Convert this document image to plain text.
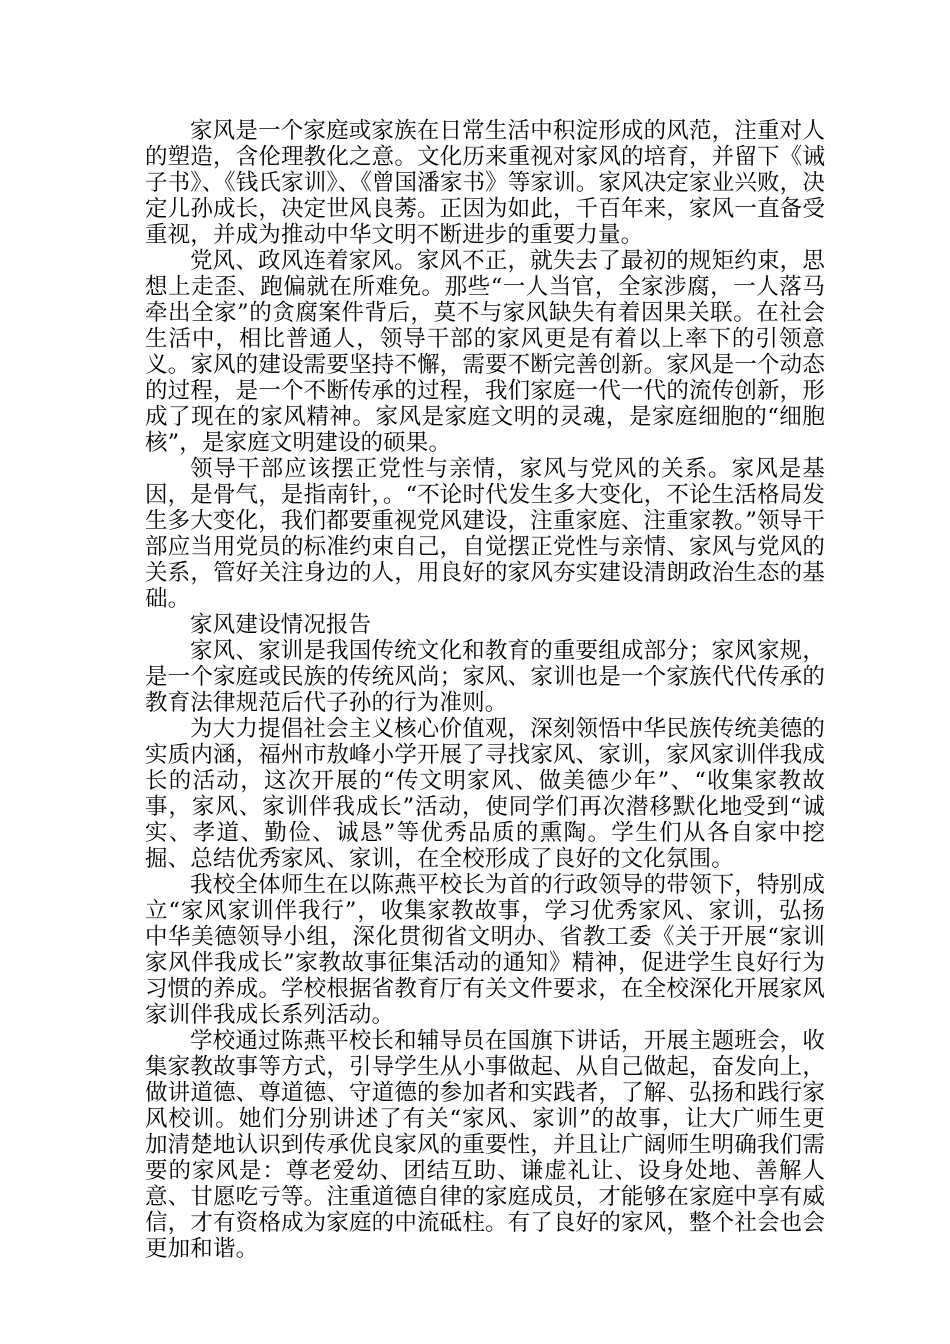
家风是一个家庭或家族在日常生活中积淀形成的风范，注重对人的塑造，含伦理教化之意。文化历来重视对家风的培育，并留下《诫子书》、《钱氏家训》、《曾国潘家书》等家训。家风决定家业兴败，决定儿孙成长，决定世风良莠。正因为如此，千百年来，家风一直备受重视，并成为推动中华文明不断进步的重要力量。

党风、政风连着家风。家风不正，就失去了最初的规矩约束，思想上走歪、跑偏就在所难免。那些“一人当官，全家涉腐，一人落马牵出全家”的贪腐案件背后，莫不与家风缺失有着因果关联。在社会生活中，相比普通人，领导干部的家风更是有着以上率下的引领意义。家风的建设需要坚持不懈，需要不断完善创新。家风是一个动态的过程，是一个不断传承的过程，我们家庭一代一代的流传创新，形成了现在的家风精神。家风是家庭文明的灵魂，是家庭细胞的“细胞核”，是家庭文明建设的硕果。

领导干部应该摆正党性与亲情，家风与党风的关系。家风是基因，是骨气，是指南针，。“不论时代发生多大变化，不论生活格局发生多大变化，我们都要重视党风建设，注重家庭、注重家教。”领导干部应当用党员的标准约束自己，自觉摆正党性与亲情、家风与党风的关系，管好关注身边的人，用良好的家风夯实建设清朗政治生态的基础。

家风建设情况报告

家风、家训是我国传统文化和教育的重要组成部分；家风家规，是一个家庭或民族的传统风尚；家风、家训也是一个家族代代传承的教育法律规范后代子孙的行为准则。

为大力提倡社会主义核心价值观，深刻领悟中华民族传统美德的实质内涵，福州市敖峰小学开展了寻找家风、家训，家风家训伴我成长的活动，这次开展的“传文明家风、做美德少年”、“收集家教故事，家风、家训伴我成长”活动，使同学们再次潜移默化地受到“诚实、孝道、勤俭、诚恳”等优秀品质的熏陶。学生们从各自家中挖掘、总结优秀家风、家训，在全校形成了良好的文化氛围。

我校全体师生在以陈燕平校长为首的行政领导的带领下，特别成立“家风家训伴我行”，收集家教故事，学习优秀家风、家训，弘扬中华美德领导小组，深化贯彻省文明办、省教工委《关于开展“家训家风伴我成长”家教故事征集活动的通知》精神，促进学生良好行为习惯的养成。学校根据省教育厅有关文件要求，在全校深化开展家风家训伴我成长系列活动。

学校通过陈燕平校长和辅导员在国旗下讲话，开展主题班会，收集家教故事等方式，引导学生从小事做起、从自己做起，奋发向上，做讲道德、尊道德、守道德的参加者和实践者，了解、弘扬和践行家风校训。她们分别讲述了有关“家风、家训”的故事，让大广师生更加清楚地认识到传承优良家风的重要性，并且让广阔师生明确我们需要的家风是：尊老爱幼、团结互助、谦虚礼让、设身处地、善解人意、甘愿吃亏等。注重道德自律的家庭成员，才能够在家庭中享有威信，才有资格成为家庭的中流砥柱。有了良好的家风，整个社会也会更加和谐。
